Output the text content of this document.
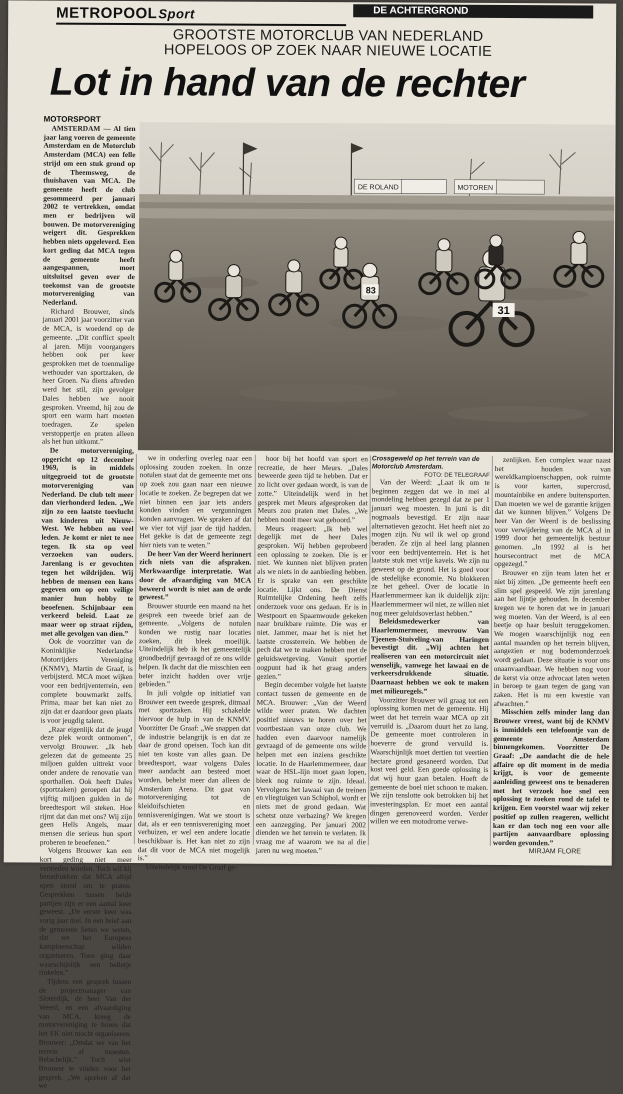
METROPOOLSport	DE ACHTERGROND
GROOTSTE MOTORCLUB VAN NEDERLAND
HOPELOOS OP ZOEK NAAR NIEUWE LOCATIE
Lot in hand van de rechter
MOTORSPORT

AMSTERDAM — Al tien jaar lang voeren de gemeente Amsterdam en de Motorclub Amsterdam (MCA) een felle strijd om een stuk grond op de Theemsweg, de thuishaven van MCA. De gemeente heeft de club gesommeerd per januari 2002 te vertrekken, omdat men er bedrijven wil bouwen. De motorvereniging weigert dit. Gesprekken hebben niets opgeleverd. Een kort geding dat MCA tegen de gemeente heeft aangespannen, moet uitsluitsel geven over de toekomst van de grootste motorvereniging van Nederland.

Richard Brouwer, sinds januari 2001 jaar voorzitter van de MCA, is woedend op de gemeente. „Dit conflict speelt al jaren. Mijn voorgangers hebben ook per keer gesprokken met de toenmalige wethouder van sportzaken, de heer Groen. Na diens aftreden werd het stil, zijn gevolger Dales hebben we nooit gesproken. Vreemd, hij zou de sport een warm hart moeten toedragen. Ze spelen verstoppertje en praten alleen als het hun uitkomt.”

De motorvereniging, opgericht op 12 december 1969, is in middels uitgegroeid tot de grootste motorvereniging van Nederland. De club telt meer dan vierhonderd leden. „We zijn zo een laatste toevlucht van kinderen uit Nieuw-West. We hebben nu veel leden. Je komt er niet te nee tegen. Ik sta op veel verzoeken van ouders. Jarenlang is er gevochten tegen het wildrijden. Wij hebben de mensen een kans gegeven om op een veilige manier hun hobby te beoefenen. Schijnbaar een verkeerd beleid. Laat ze maar weer op straat rijden, met alle gevolgen van dien.”

Ook de voorzitter van de Koninklijke Nederlandse Motorrijders Vereniging (KNMV), Martin de Graaf, is verbijsterd. MCA moet wijken voor een bedrijventerrein, een complete bouwmarkt zelfs. Prima, maar bet kan niet zo zijn dat er daardoor geen plaats is voor jeugdig talent.

„Raar eigenlijk dat de jeugd deze plek wordt ontnomen”, vervolgt Brouwer. „Ik heb gelezen dat de gemeente 25 miljoen gulden uittrekt voor onder andere de renovatie van sporthallen. Ook heeft Dales (sportzaken) geroepen dat hij vijftig miljoen gulden in de breedtesport wil steken. Hoe rijmt dat dan met ons? Wij zijn geen Hells Angels, maar mensen die serieus hun sport proberen te beoefenen.”

Volgens Brouwer kan een kort geding niet meer vermeden worden. Toch wil hij benadrukken dat MCA altijd open stond om te praten. Gesprekken tussen beide partijen zijn er een aantal keer geweest. „De eerste keer was vorig jaar mei. In een brief aan de gemeente lieten we weten, dat we het Europees kampioenschap wilden organiseren. Toen ging daar waarschijnlijk een belletje rinkelen.”

Tijdens een gesprek tussen de projectmanager van Sloterdijk, de heer Van der Weerd, en een afvaardiging van MCA, kreeg de motorvereniging te horen dat het EK niet mocht organiseren. Brouwer: „Omdat we van het terrein af moesten. Belachelijk.” Toch wist Brouwer te vinden voor het gesprek. „We spreken af dat we

DE ROLAND	MOTOREN
83
31

we in onderling overleg naar een oplossing zouden zoeken. In onze notulen staat dat de gemeente met ons op zoek zou gaan naar een nieuwe locatie te zoeken. Ze begrepen dat we niet binnen een jaar iets anders konden vinden en vergunningen konden aanvragen. We spraken af dat we vier tot vijf jaar de tijd hadden. Het gekke is dat de gemeente zegt hier niets van te weten.”

De heer Van der Weerd herinnert zich niets van die afspraken. Merkwaardige interpretatie. Wat door de afvaardiging van MCA beweerd wordt is niet aan de orde geweest.”

Brouwer stuurde een maand na het gesprek een tweede brief aan de gemeente. „Volgens de notulen konden we rustig naar locaties zoeken, dit bleek moeilijk. Uiteindelijk heb ik het gemeentelijk grondbedrijf gevraagd of ze ons wilde helpen. Ik dacht dat die misschien een beter inzicht hadden over vrije gebieden.”

In juli volgde op initiatief van Brouwer een tweede gesprek, ditmaal met sportzaken. Hij schakelde hiervoor de hulp in van de KNMV. Voorzitter De Graaf: „We snappen dat de industrie belangrijk is en dat ze daar de grond opeisen. Toch kan dit niet ten koste van alles gaan. De breedtesport, waar volgens Dales meer aandacht aan besteed moet worden, behelst meer dan alleen de Amsterdam Arena. Dit gaat van motorvereniging tot de kleidoifschieten en tennisverenigingen. Wat we stoort is dat, als er een tennisvereniging moet verhuizen, er wel een andere locatie beschikbaar is. Het kan niet zo zijn dat dit voor de MCA niet mogelijk is.”

Uiteindelijk vond De Graaf ge-

hoor bij het hoofd van sport en recreatie, de heer Meurs. „Dales beweerde geen tijd te hebben. Dat er zo licht over gedaan wordt, is van de zotte.” Uiteindelijk werd in het gesprek met Meurs afgesproken dat Meurs zou praten met Dales. „We hebben nooit meer wat gehoord.”

Meurs reageert: „Ik heb wel degelijk met de heer Dales gesproken. Wij hebben geprobeerd een oplossing te zoeken. Die is er niet. We kunnen niet blijven praten als we niets in de aanbieding hebben. Er is sprake van een geschikte locatie. Lijkt ons. De Dienst Ruimtelijke Ordening heeft zelfs onderzoek voor ons gedaan. Er is in Westpoort en Spaarnwoude gekeken naar bruikbare ruimte. Die was er niet. Jammer, maar het is niet het laatste crossterrein. We hebben de pech dat we te maken hebben met de geluidswetgeving. Vanuit sportief oogpunt had ik het graag anders gezien.”

Begin december volgde het laatste contact tussen de gemeente en de MCA. Brouwer: „Van der Weerd wilde weer praten. We dachten positief nieuws te horen over het voortbestaan van onze club. We hadden even daarvoor namelijk gevraagd of de gemeente ons wilde helpen met een inziens geschikte locatie. In de Haarlemmermeer, daar waar de HSL-lijn moet gaan lopen, bleek nog ruimte te zijn. Ideaal. Vervolgens het lawaai van de treinen en vliegtuigen van Schiphol, wordt er niets met de grond gedaan. Wat schetst onze verbazing? We kregen een aanzegging. Per januari 2002 dienden we het terrein te verlaten. Ik vraag me af waarom we na al die jaren nu weg moeten.”

Crossgeweld op het terrein van de Motorclub Amsterdam.
FOTO: DE TELEGRAAF

Van der Weerd: „Laat ik om te beginnen zeggen dat we in mei al mondeling hebben gezegd dat ze per 1 januari weg moesten. In juni is dit nogmaals bevestigd. Er zijn naar alternatieven gezocht. Het heeft niet zo mogen zijn. Nu wil ik wel op grond beraden. Ze zijn al heel lang plannen voor een bedrijventerrein. Het is het laatste stuk met vrije kavels. We zijn nu geweest op de grond. Het is goed voor de stedelijke economie. Nu blokkeren ze het geheel. Over de locatie in Haarlemmermeer kan ik duidelijk zijn: Haarlemmermeer wil niet, ze willen niet nog meer geluidsoverlast hebben.”

Beleidsmedewerker van Haarlemmermeer, mevrouw Van Tjeenen-Stuiveling-van Haringen bevestigt dit. „Wij achten het realiseren van een motorcircuit niet wenselijk, vanwege het lawaai en de verkeersdrukkende situatie. Daarnaast hebben we ook te maken met milieuregels.”

Voorzitter Brouwer wil graag tot een oplossing komen met de gemeente. Hij weet dat het terrein waar MCA op zit verruild is. „Daarom duurt het zo lang. De gemeente moet controleren in hoeverre de grond vervuild is. Waarschijnlijk moet dertien tot veertien hectare grond gesaneerd worden. Dat kost veel geld. Een goede oplossing is dat wij huur gaan betalen. Hoeft de gemeente de boel niet schoon te maken. We zijn tenslotte ook betrokken bij het investeringsplan. Er moet een aantal dingen gerenoveerd worden. Verder willen we een motodrome verwe-

zenlijken. Een complex waar naast het houden van wereldkampioenschappen, ook ruimte is voor karten, supercrosd, mountainbike en andere buitensporten. Dan moeten we wel de garantie krijgen dat we kunnen blijven.” Volgens De heer Van der Weerd is de beslissing voor verwijdering van de MCA al in 1999 door het gemeentelijk bestuur genomen. „In 1992 al is het hoursecontract met de MCA opgezegd.”

Brouwer en zijn team laten het er niet bij zitten. „De gemeente heeft een slim spel gespeeld. We zijn jarenlang aan het lijntje gehouden. In december kregen we te horen dat we in januari weg moeten. Van der Weerd, is al een beetje op haar besluit teruggekomen. We mogen waarschijnlijk nog een aantal maanden op het terrein blijven, aangezien er nog bodemonderzoek wordt gedaan. Deze situatie is voor ons onaanvaardbaar. We hebben nog voor de kerst via onze advocaat laten weten in beroep te gaan tegen de gang van zaken. Het is nu een kwestie van afwachten.”

Misschien zelfs minder lang dan Brouwer vreest, want bij de KNMV is inmiddels een telefoontje van de gemeente Amsterdam binnengekomen. Voorzitter De Graaf: „De aandacht die de hele affaire op dit moment in de media krijgt, is voor de gemeente aanleiding geweest ons te benaderen met het verzoek hoe snel een oplossing te zoeken rond de tafel te krijgen. Een voorstel waar wij zeker positief op zullen reageren, wellicht kan er dan toch nog een voor alle partijen aanvaardbare oplossing worden gevonden.”

MIRJAM FLORE
